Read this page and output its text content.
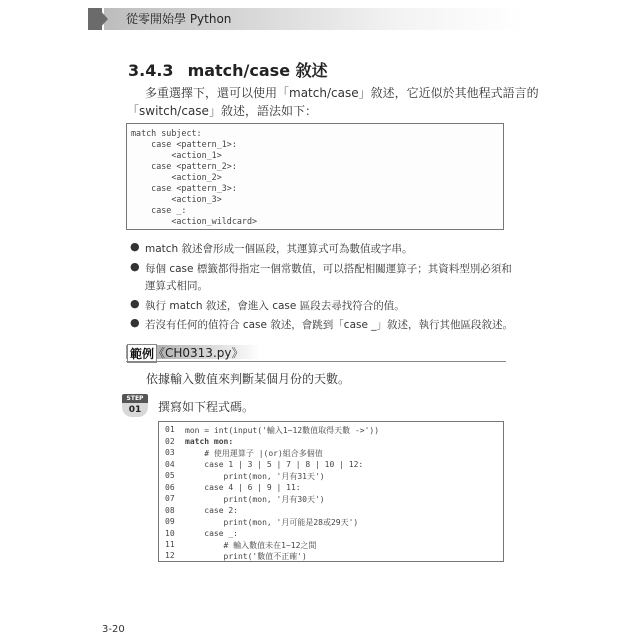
從零開始學 Python
3.4.3 match/case 敘述
多重選擇下，還可以使用「match/case」敘述，它近似於其他程式語言的
「switch/case」敘述，語法如下：
match subject:
case <pattern_1>:
<action_1>
case <pattern_2>:
<action_2>
case <pattern_3>:
<action_3>
case _:
<action_wildcard>
● match 敘述會形成一個區段，其運算式可為數值或字串。
● 每個 case 標籤都得指定一個常數值，可以搭配相關運算子；其資料型別必須和
運算式相同。
● 執行 match 敘述，會進入 case 區段去尋找符合的值。
● 若沒有任何的值符合 case 敘述，會跳到「case _」敘述，執行其他區段敘述。
範例
《CH0313.py》
依據輸入數值來判斷某個月份的天數。
STEP
01	撰寫如下程式碼。
01	mon = int(input('輸入1~12數值取得天數 ->'))
02	match mon:
03	# 使用運算子 |(or)組合多個值
04	case 1 | 3 | 5 | 7 | 8 | 10 | 12:
05	print(mon, '月有31天')
06	case 4 | 6 | 9 | 11:
07	print(mon, '月有30天')
08	case 2:
09	print(mon, '月可能是28或29天')
10	case _:
11	# 輸入數值未在1~12之間
12	print('數值不正確')
3-20
